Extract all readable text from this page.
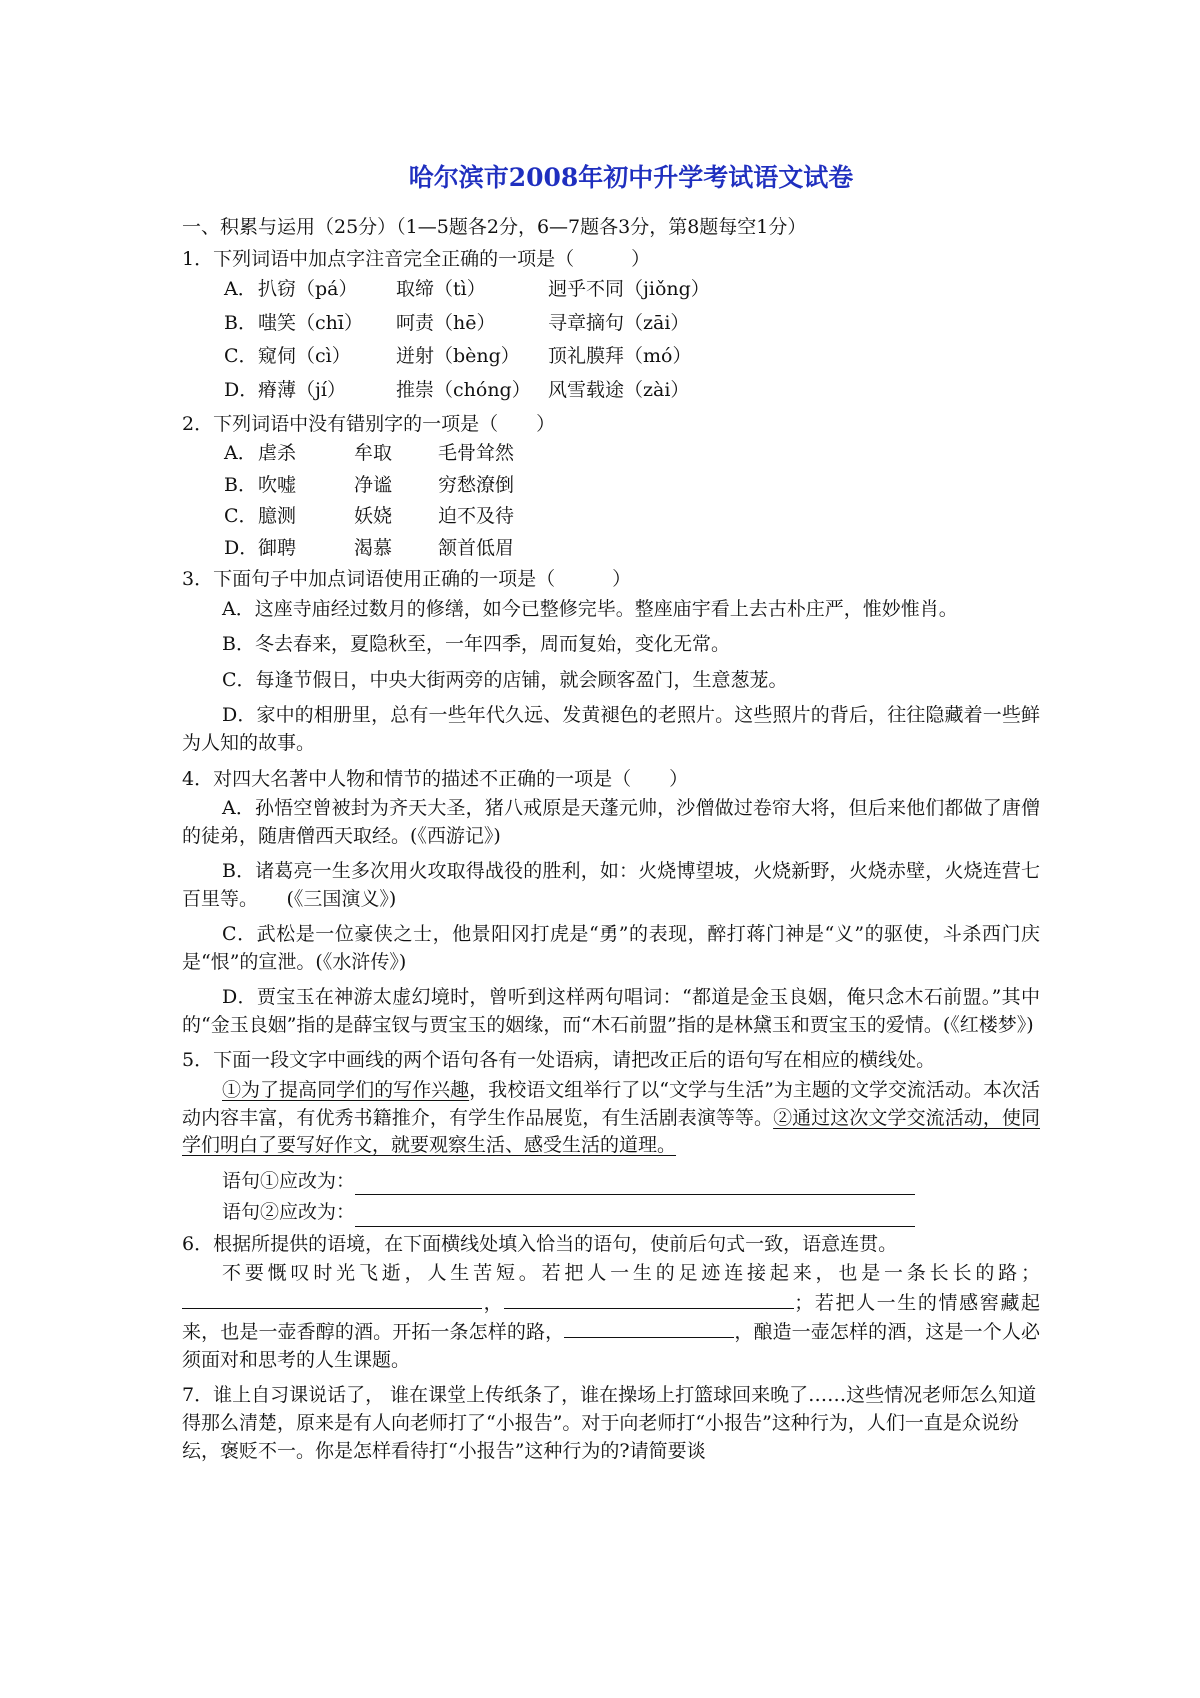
哈尔滨市2008年初中升学考试语文试卷
一、积累与运用（25分）（1—5题各2分，6—7题各3分，第8题每空1分）
1．下列词语中加点字注音完全正确的一项是（　　　）
A． 扒窃（pá）	取缔（tì）	迥乎不同（jiǒng）
B． 嗤笑（chī）	呵责（hē）	寻章摘句（zāi）
C． 窥伺（cì）	迸射（bèng）	顶礼膜拜（mó）
D． 瘠薄（jí）	推崇（chóng） 风雪载途（zài）
2．下列词语中没有错别字的一项是（　　）
A． 虐杀	牟取	毛骨耸然
B． 吹嘘	净谧	穷愁潦倒
C． 臆测	妖娆	迫不及待
D． 御聘	渴慕	颔首低眉
3．下面句子中加点词语使用正确的一项是（　　　）
A．这座寺庙经过数月的修缮，如今已整修完毕。整座庙宇看上去古朴庄严，惟妙惟肖。
B．冬去春来，夏隐秋至，一年四季，周而复始，变化无常。
C．每逢节假日，中央大街两旁的店铺，就会顾客盈门，生意葱茏。
D．家中的相册里，总有一些年代久远、发黄褪色的老照片。这些照片的背后，往往隐藏着一些鲜为人知的故事。
4．对四大名著中人物和情节的描述不正确的一项是（　　）
A．孙悟空曾被封为齐天大圣，猪八戒原是天蓬元帅，沙僧做过卷帘大将，但后来他们都做了唐僧的徒弟，随唐僧西天取经。(《西游记》)
B．诸葛亮一生多次用火攻取得战役的胜利，如：火烧博望坡，火烧新野，火烧赤壁，火烧连营七百里等。　　(《三国演义》)
C．武松是一位豪侠之士，他景阳冈打虎是“勇”的表现，醉打蒋门神是“义”的驱使，斗杀西门庆是“恨”的宣泄。(《水浒传》)
D．贾宝玉在神游太虚幻境时，曾听到这样两句唱词：“都道是金玉良姻，俺只念木石前盟。”其中的“金玉良姻”指的是薛宝钗与贾宝玉的姻缘，而“木石前盟”指的是林黛玉和贾宝玉的爱情。(《红楼梦》)
5．下面一段文字中画线的两个语句各有一处语病，请把改正后的语句写在相应的横线处。
①为了提高同学们的写作兴趣，我校语文组举行了以“文学与生活”为主题的文学交流活动。本次活动内容丰富，有优秀书籍推介，有学生作品展览，有生活剧表演等等。②通过这次文学交流活动，使同学们明白了要写好作文，就要观察生活、感受生活的道理。
语句①应改为：
语句②应改为：
6．根据所提供的语境，在下面横线处填入恰当的语句，使前后句式一致，语意连贯。
不要慨叹时光飞逝，人生苦短。若把人一生的足迹连接起来，也是一条长长的路；，	；若把人一生的情感窖藏起来，也是一壶香醇的酒。开拓一条怎样的路，	，酿造一壶怎样的酒，这是一个人必须面对和思考的人生课题。
7．谁上自习课说话了， 谁在课堂上传纸条了，谁在操场上打篮球回来晚了……这些情况老师怎么知道得那么清楚，原来是有人向老师打了“小报告”。对于向老师打“小报告”这种行为，人们一直是众说纷纭，褒贬不一。你是怎样看待打“小报告”这种行为的?请简要谈
